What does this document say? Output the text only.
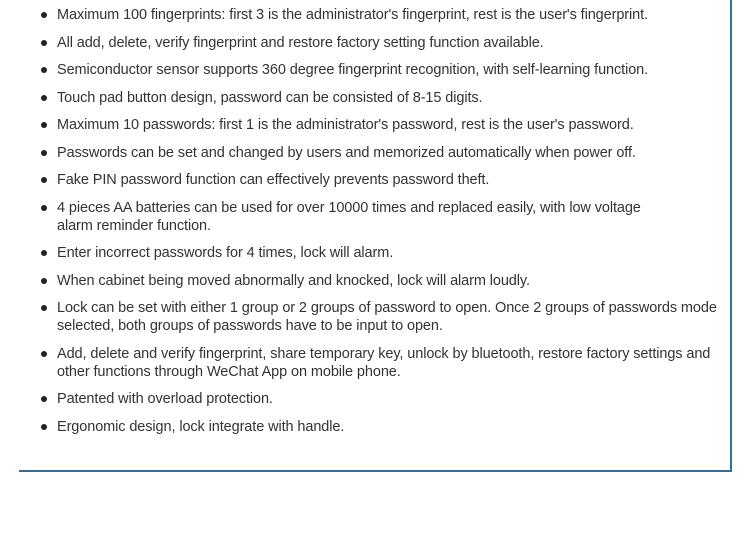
Maximum 100 fingerprints: first 3 is the administrator's fingerprint, rest is the user's fingerprint.
All add, delete, verify fingerprint and restore factory setting function available.
Semiconductor sensor supports 360 degree fingerprint recognition, with self-learning function.
Touch pad button design, password can be consisted of 8-15 digits.
Maximum 10 passwords: first 1 is the administrator's password, rest is the user's password.
Passwords can be set and changed by users and memorized automatically when power off.
Fake PIN password function can effectively prevents password theft.
4 pieces AA batteries can be used for over 10000 times and replaced easily, with low voltage alarm reminder function.
Enter incorrect passwords for 4 times, lock will alarm.
When cabinet being moved abnormally and knocked, lock will alarm loudly.
Lock can be set with either 1 group or 2 groups of password to open. Once 2 groups of passwords mode selected, both groups of passwords have to be input to open.
Add, delete and verify fingerprint, share temporary key, unlock by bluetooth, restore factory settings and other functions through WeChat App on mobile phone.
Patented with overload protection.
Ergonomic design, lock integrate with handle.
